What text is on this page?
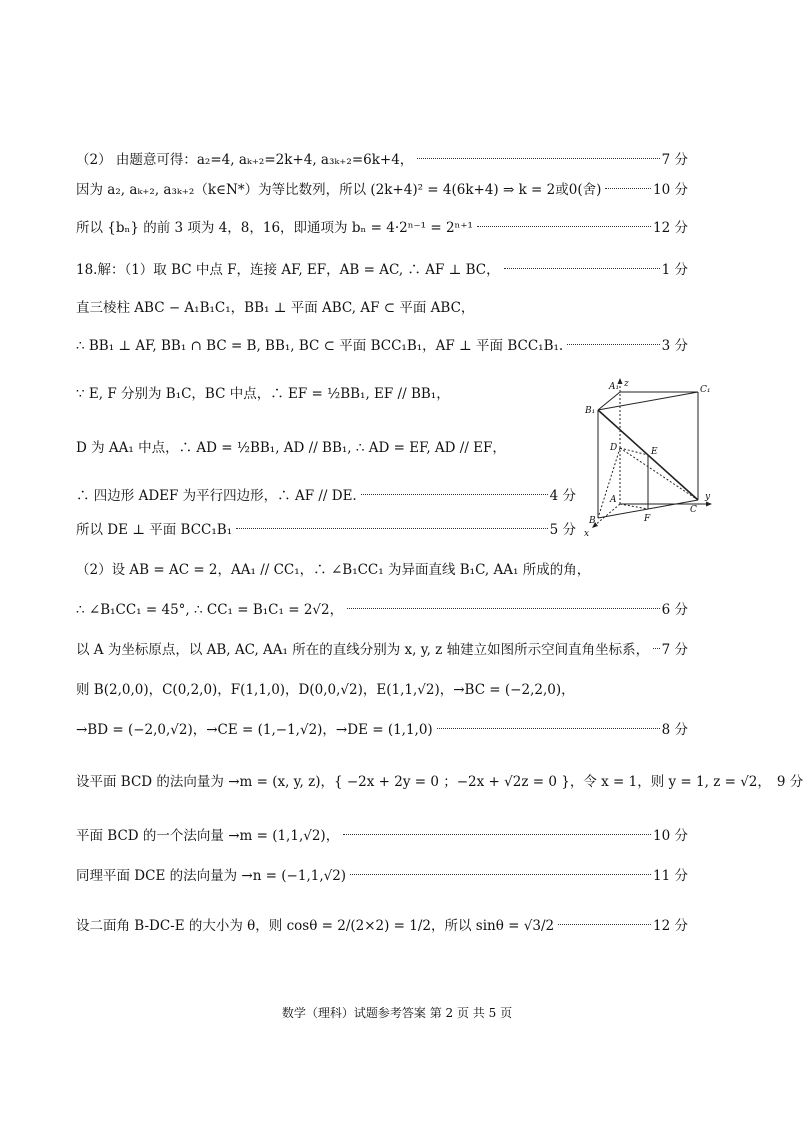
（2） 由题意可得：a₂=4, aₖ₊₂=2k+4, a₃ₖ₊₂=6k+4，	7 分
因为 a₂, aₖ₊₂, a₃ₖ₊₂（k∈N*）为等比数列，所以 (2k+4)² = 4(6k+4) ⇒ k = 2或0(舍)	10 分
所以 {bₙ} 的前 3 项为 4，8，16，即通项为 bₙ = 4·2ⁿ⁻¹ = 2ⁿ⁺¹	12 分
18.解：（1）取 BC 中点 F，连接 AF, EF，AB = AC, ∴ AF ⊥ BC，	1 分
直三棱柱 ABC − A₁B₁C₁，BB₁ ⊥ 平面 ABC, AF ⊂ 平面 ABC，
∴ BB₁ ⊥ AF, BB₁ ∩ BC = B, BB₁, BC ⊂ 平面 BCC₁B₁，AF ⊥ 平面 BCC₁B₁.	3 分
∵ E, F 分别为 B₁C，BC 中点，∴ EF = ½BB₁, EF // BB₁，
D 为 AA₁ 中点，∴ AD = ½BB₁, AD // BB₁, ∴ AD = EF, AD // EF，
∴ 四边形 ADEF 为平行四边形，∴ AF // DE.	4 分
所以 DE ⊥ 平面 BCC₁B₁	5 分
（2）设 AB = AC = 2，AA₁ // CC₁，∴ ∠B₁CC₁ 为异面直线 B₁C, AA₁ 所成的角，
∴ ∠B₁CC₁ = 45°, ∴ CC₁ = B₁C₁ = 2√2，	6 分
以 A 为坐标原点，以 AB, AC, AA₁ 所在的直线分别为 x, y, z 轴建立如图所示空间直角坐标系， 7 分
则 B(2,0,0)，C(0,2,0)，F(1,1,0)，D(0,0,√2)，E(1,1,√2)，→BC = (−2,2,0)，
→BD = (−2,0,√2)，→CE = (1,−1,√2)，→DE = (1,1,0)	8 分
设平面 BCD 的法向量为 →m = (x, y, z)，{ −2x + 2y = 0 ；−2x + √2z = 0 }，令 x = 1，则 y = 1, z = √2， 9 分
平面 BCD 的一个法向量 →m = (1,1,√2)，	10 分
同理平面 DCE 的法向量为 →n = (−1,1,√2)	11 分
设二面角 B-DC-E 的大小为 θ，则 cosθ = 2/(2×2) = 1/2，所以 sinθ = √3/2	12 分
A₁ z
C₁
B₁
D	E
A	y
B	F
C
x
数学（理科）试题参考答案 第 2 页 共 5 页
